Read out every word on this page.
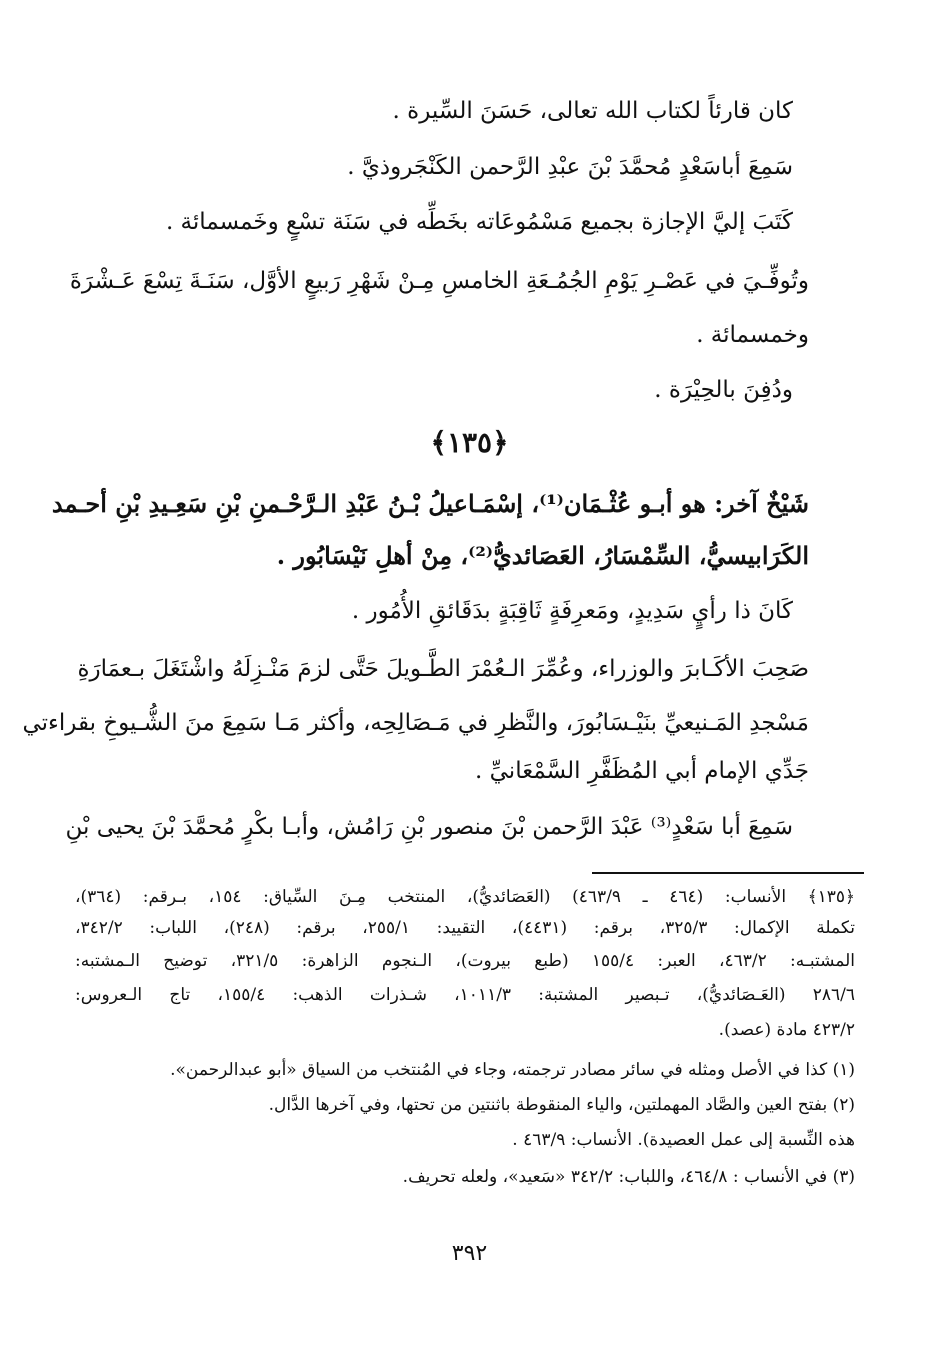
كان قارئاً لكتاب الله تعالى، حَسَنَ السِّيرة .
سَمِعَ أباسَعْدٍ مُحمَّدَ بْنَ عبْدِ الرَّحمن الكَنْجَروذيَّ .
كَتَبَ إليَّ الإجازة بجميع مَسْمُوعَاته بخَطِّه في سَنَة تسْعٍ وخَمسمائة .
وتُوفِّـيَ في عَصْـرِ يَوْمِ الجُمُـعَةِ الخامسِ مِـنْ شَهْرِ رَبيعٍ الأوَّل، سَنَـةَ تِسْعَ عَـشْرَةَ
وخمسمائة .
ودُفِنَ بالحِيْرَة .
﴿١٣٥﴾
شَيْخٌ آخر: هو أبـو عُثْـمَان⁽¹⁾، إسْمَـاعيلُ بْـنُ عَبْدِ الـرَّحْـمنِ بْنِ سَعِـيدِ بْنِ أحـمد
الكَرَابيسيُّ، السِّمْسَارُ، العَصَائديُّ⁽²⁾، مِنْ أهلِ نَيْسَابُور .
كَانَ ذا رأيٍ سَدِيدٍ، ومَعرِفَةٍ ثَاقِبَةٍ بدَقَائقِ الأُمُور .
صَحِبَ الأكَـابرَ والوزراء، وعُمِّرَ الـعُمْرَ الطَّـويلَ حَتَّى لزمَ مَنْـزِلَهُ واشْتَغَلَ بـعمَارَةِ
مَسْجدِ المَـنيعيِّ بنَيْـسَابُورَ، والنَّظرِ في مَـصَالِحِه، وأكثر مَـا سَمِعَ منَ الشُّـيوخِ بقراءتي
جَدِّي الإمام أبي المُظَفَّرِ السَّمْعَانيِّ .
سَمِعَ أبا سَعْدٍ⁽³⁾ عَبْدَ الرَّحمن بْنَ منصور بْنِ رَامُش، وأبـا بكْرٍ مُحمَّدَ بْنَ يحيى بْنِ
﴿١٣٥﴾ الأنساب: (٤٦٤ ـ ٤٦٣/٩) (العَصَائديُّ)، المنتخب مِـنَ السِّياق: ١٥٤، بـرقم: (٣٦٤)،
تكملة الإكمال: ٣٢٥/٣، برقم: (٤٤٣١)، التقييد: ٢٥٥/١، برقم: (٢٤٨)، اللباب: ٣٤٢/٢،
المشتبـه: ٤٦٣/٢، العبر: ١٥٥/٤ (طبع بيروت)، الـنجوم الزاهرة: ٣٢١/٥، توضيح الـمشتبه:
٢٨٦/٦ (العَـصَائديُّ)، تـبصير المشتبة: ١٠١١/٣، شـذرات الذهب: ١٥٥/٤، تاج الـعروس:
٤٢٣/٢ مادة (عصد).
(١) كذا في الأصل ومثله في سائر مصادر ترجمته، وجاء في المُنتخب من السياق «أبو عبدالرحمن».
(٢) بفتح العين والصَّاد المهملتين، والياء المنقوطة باثنتين من تحتها، وفي آخرها الدَّال.
هذه النِّسبة إلى عمل العصيدة). الأنساب: ٤٦٣/٩ .
(٣) في الأنساب : ٤٦٤/٨، واللباب: ٣٤٢/٢ «سَعيد»، ولعله تحريف.
٣٩٢
